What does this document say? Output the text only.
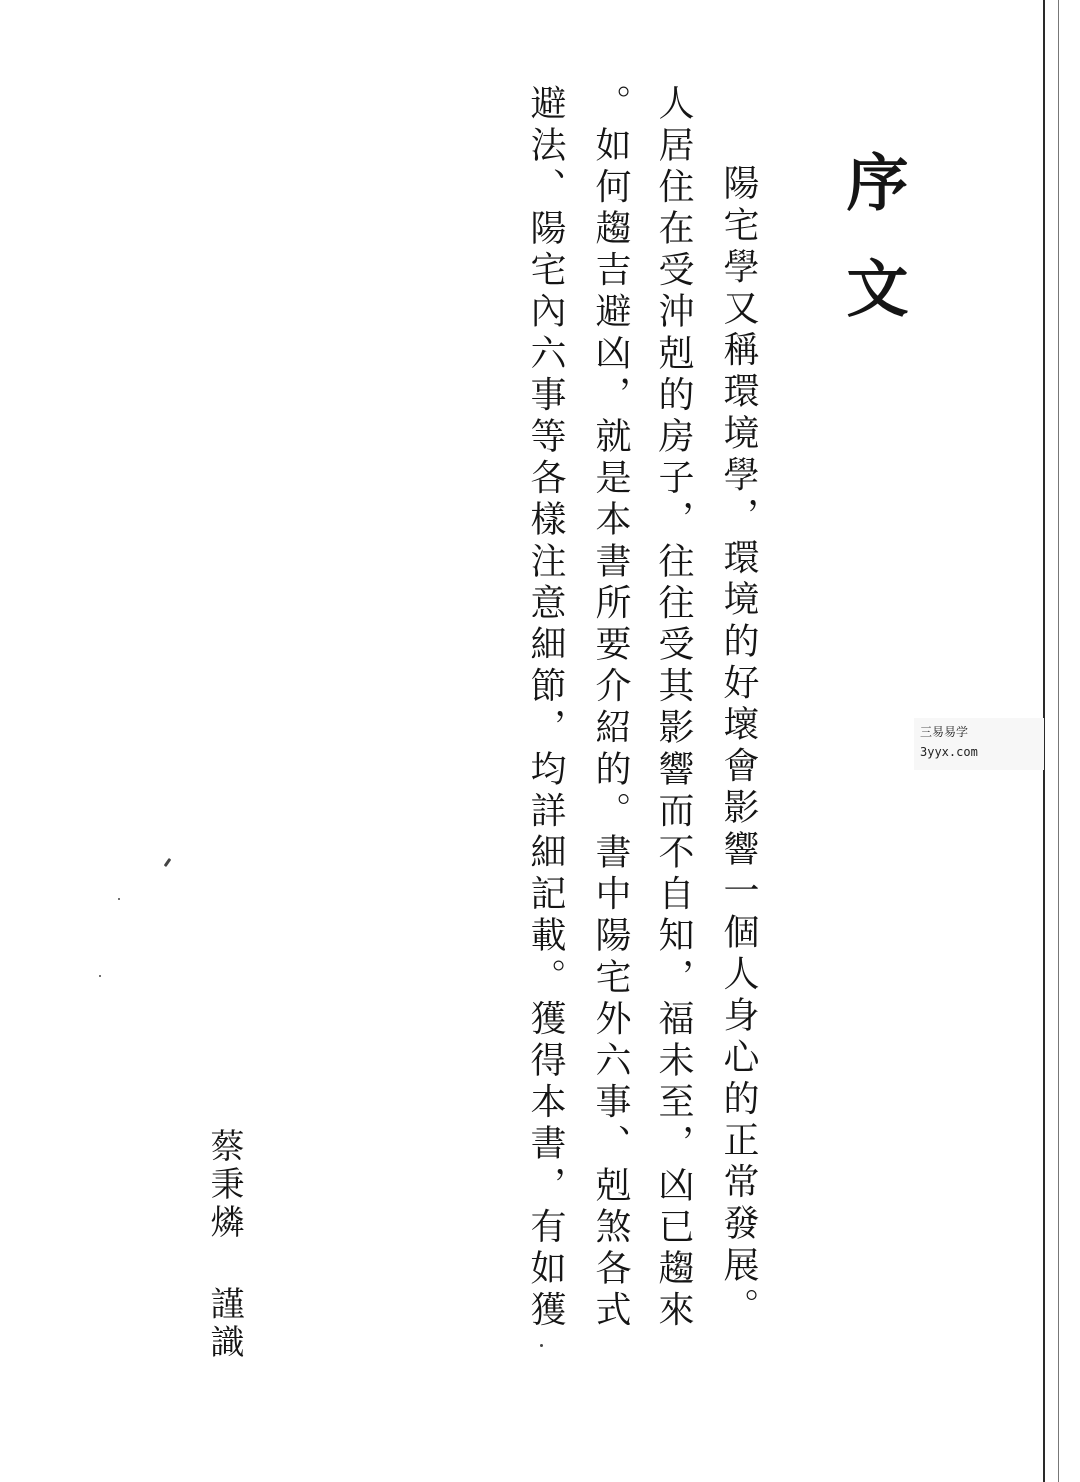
序文
陽宅學又稱環境學，環境的好壞會影響一個人身心的正常發展。
人居住在受沖剋的房子，往往受其影響而不自知，福未至，凶已趨來
。如何趨吉避凶，就是本書所要介紹的。書中陽宅外六事、剋煞各式
避法、陽宅內六事等各樣注意細節，均詳細記載。獲得本書，有如獲
蔡秉燐
謹識
三易易学
3yyx.com
